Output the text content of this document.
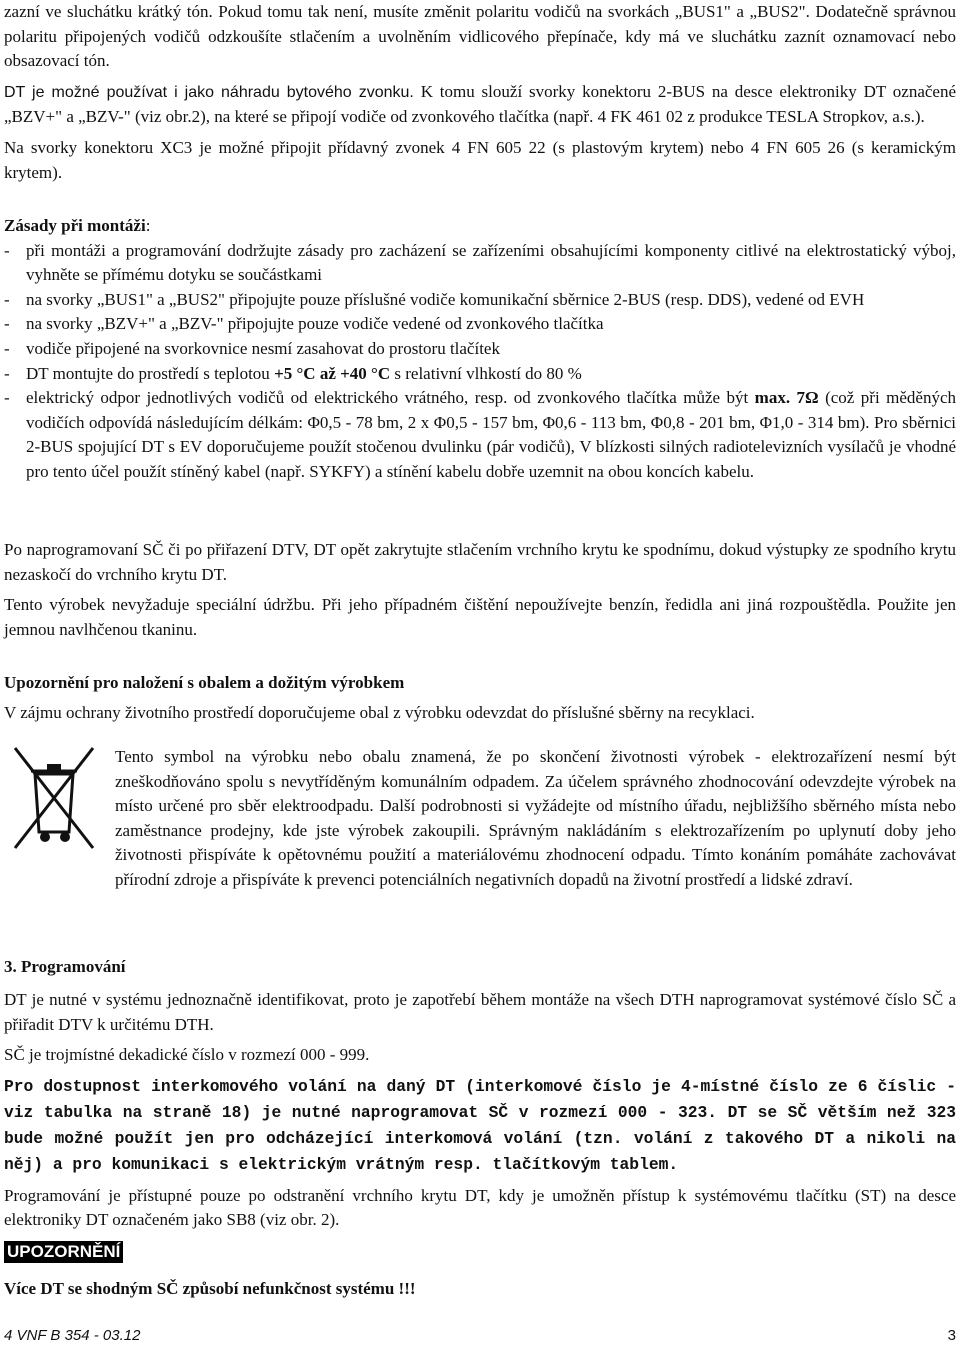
zazní ve sluchátku krátký tón. Pokud tomu tak není, musíte změnit polaritu vodičů na svorkách „BUS1" a „BUS2". Dodatečně správnou polaritu připojených vodičů odzkoušíte stlačením a uvolněním vidlicového přepínače, kdy má ve sluchátku zaznít oznamovací nebo obsazovací tón.

DT je možné používat i jako náhradu bytového zvonku. K tomu slouží svorky konektoru 2-BUS na desce elektroniky DT označené „BZV+" a „BZV-" (viz obr.2), na které se připojí vodiče od zvonkového tlačítka (např. 4 FK 461 02 z produkce TESLA Stropkov, a.s.).

Na svorky konektoru XC3 je možné připojit přídavný zvonek 4 FN 605 22 (s plastovým krytem) nebo 4 FN 605 26 (s keramickým krytem).

Zásady při montáži:

- při montáži a programování dodržujte zásady pro zacházení se zařízeními obsahujícími komponenty citlivé na elektrostatický výboj, vyhněte se přímému dotyku se součástkami
- na svorky „BUS1" a „BUS2" připojujte pouze příslušné vodiče komunikační sběrnice 2-BUS (resp. DDS), vedené od EVH
- na svorky „BZV+" a „BZV-" připojujte pouze vodiče vedené od zvonkového tlačítka
- vodiče připojené na svorkovnice nesmí zasahovat do prostoru tlačítek
- DT montujte do prostředí s teplotou +5 °C až +40 °C s relativní vlhkostí do 80 %
- elektrický odpor jednotlivých vodičů od elektrického vrátného, resp. od zvonkového tlačítka může být max. 7Ω (což při měděných vodičích odpovídá následujícím délkám: Φ0,5 - 78 bm, 2 x Φ0,5 - 157 bm, Φ0,6 - 113 bm, Φ0,8 - 201 bm, Φ1,0 - 314 bm). Pro sběrnici 2-BUS spojující DT s EV doporučujeme použít stočenou dvulinku (pár vodičů), V blízkosti silných radiotelevizních vysílačů je vhodné pro tento účel použít stíněný kabel (např. SYKFY) a stínění kabelu dobře uzemnit na obou koncích kabelu.

Po naprogramovaní SČ či po přiřazení DTV, DT opět zakrytujte stlačením vrchního krytu ke spodnímu, dokud výstupky ze spodního krytu nezaskočí do vrchního krytu DT.

Tento výrobek nevyžaduje speciální údržbu. Při jeho případném čištění nepoužívejte benzín, ředidla ani jiná rozpouštědla. Použite jen jemnou navlhčenou tkaninu.

Upozornění pro naložení s obalem a dožitým výrobkem

V zájmu ochrany životního prostředí doporučujeme obal z výrobku odevzdat do příslušné sběrny na recyklaci.

Tento symbol na výrobku nebo obalu znamená, že po skončení životnosti výrobek - elektrozařízení nesmí být zneškodňováno spolu s nevytříděným komunálním odpadem. Za účelem správného zhodnocování odevzdejte výrobek na místo určené pro sběr elektroodpadu. Další podrobnosti si vyžádejte od místního úřadu, nejbližšího sběrného místa nebo zaměstnance prodejny, kde jste výrobek zakoupili. Správným nakládáním s elektrozařízením po uplynutí doby jeho životnosti přispíváte k opětovnému použití a materiálovému zhodnocení odpadu. Tímto konáním pomáháte zachovávat přírodní zdroje a přispíváte k prevenci potenciálních negativních dopadů na životní prostředí a lidské zdraví.

3. Programování

DT je nutné v systému jednoznačně identifikovat, proto je zapotřebí během montáže na všech DTH naprogramovat systémové číslo SČ a přiřadit DTV k určitému DTH.

SČ je trojmístné dekadické číslo v rozmezí 000 - 999.

Pro dostupnost interkomového volání na daný DT (interkomové číslo je 4-místné číslo ze 6 číslic - viz tabulka na straně 18) je nutné naprogramovat SČ v rozmezí 000 - 323. DT se SČ větším než 323 bude možné použít jen pro odcházející interkomová volání (tzn. volání z takového DT a nikoli na něj) a pro komunikaci s elektrickým vrátným resp. tlačítkovým tablem.

Programování je přístupné pouze po odstranění vrchního krytu DT, kdy je umožněn přístup k systémovému tlačítku (ST) na desce elektroniky DT označeném jako SB8 (viz obr. 2).

UPOZORNĚNÍ

Více DT se shodným SČ způsobí nefunkčnost systému !!!

4 VNF B 354 - 03.12	3
